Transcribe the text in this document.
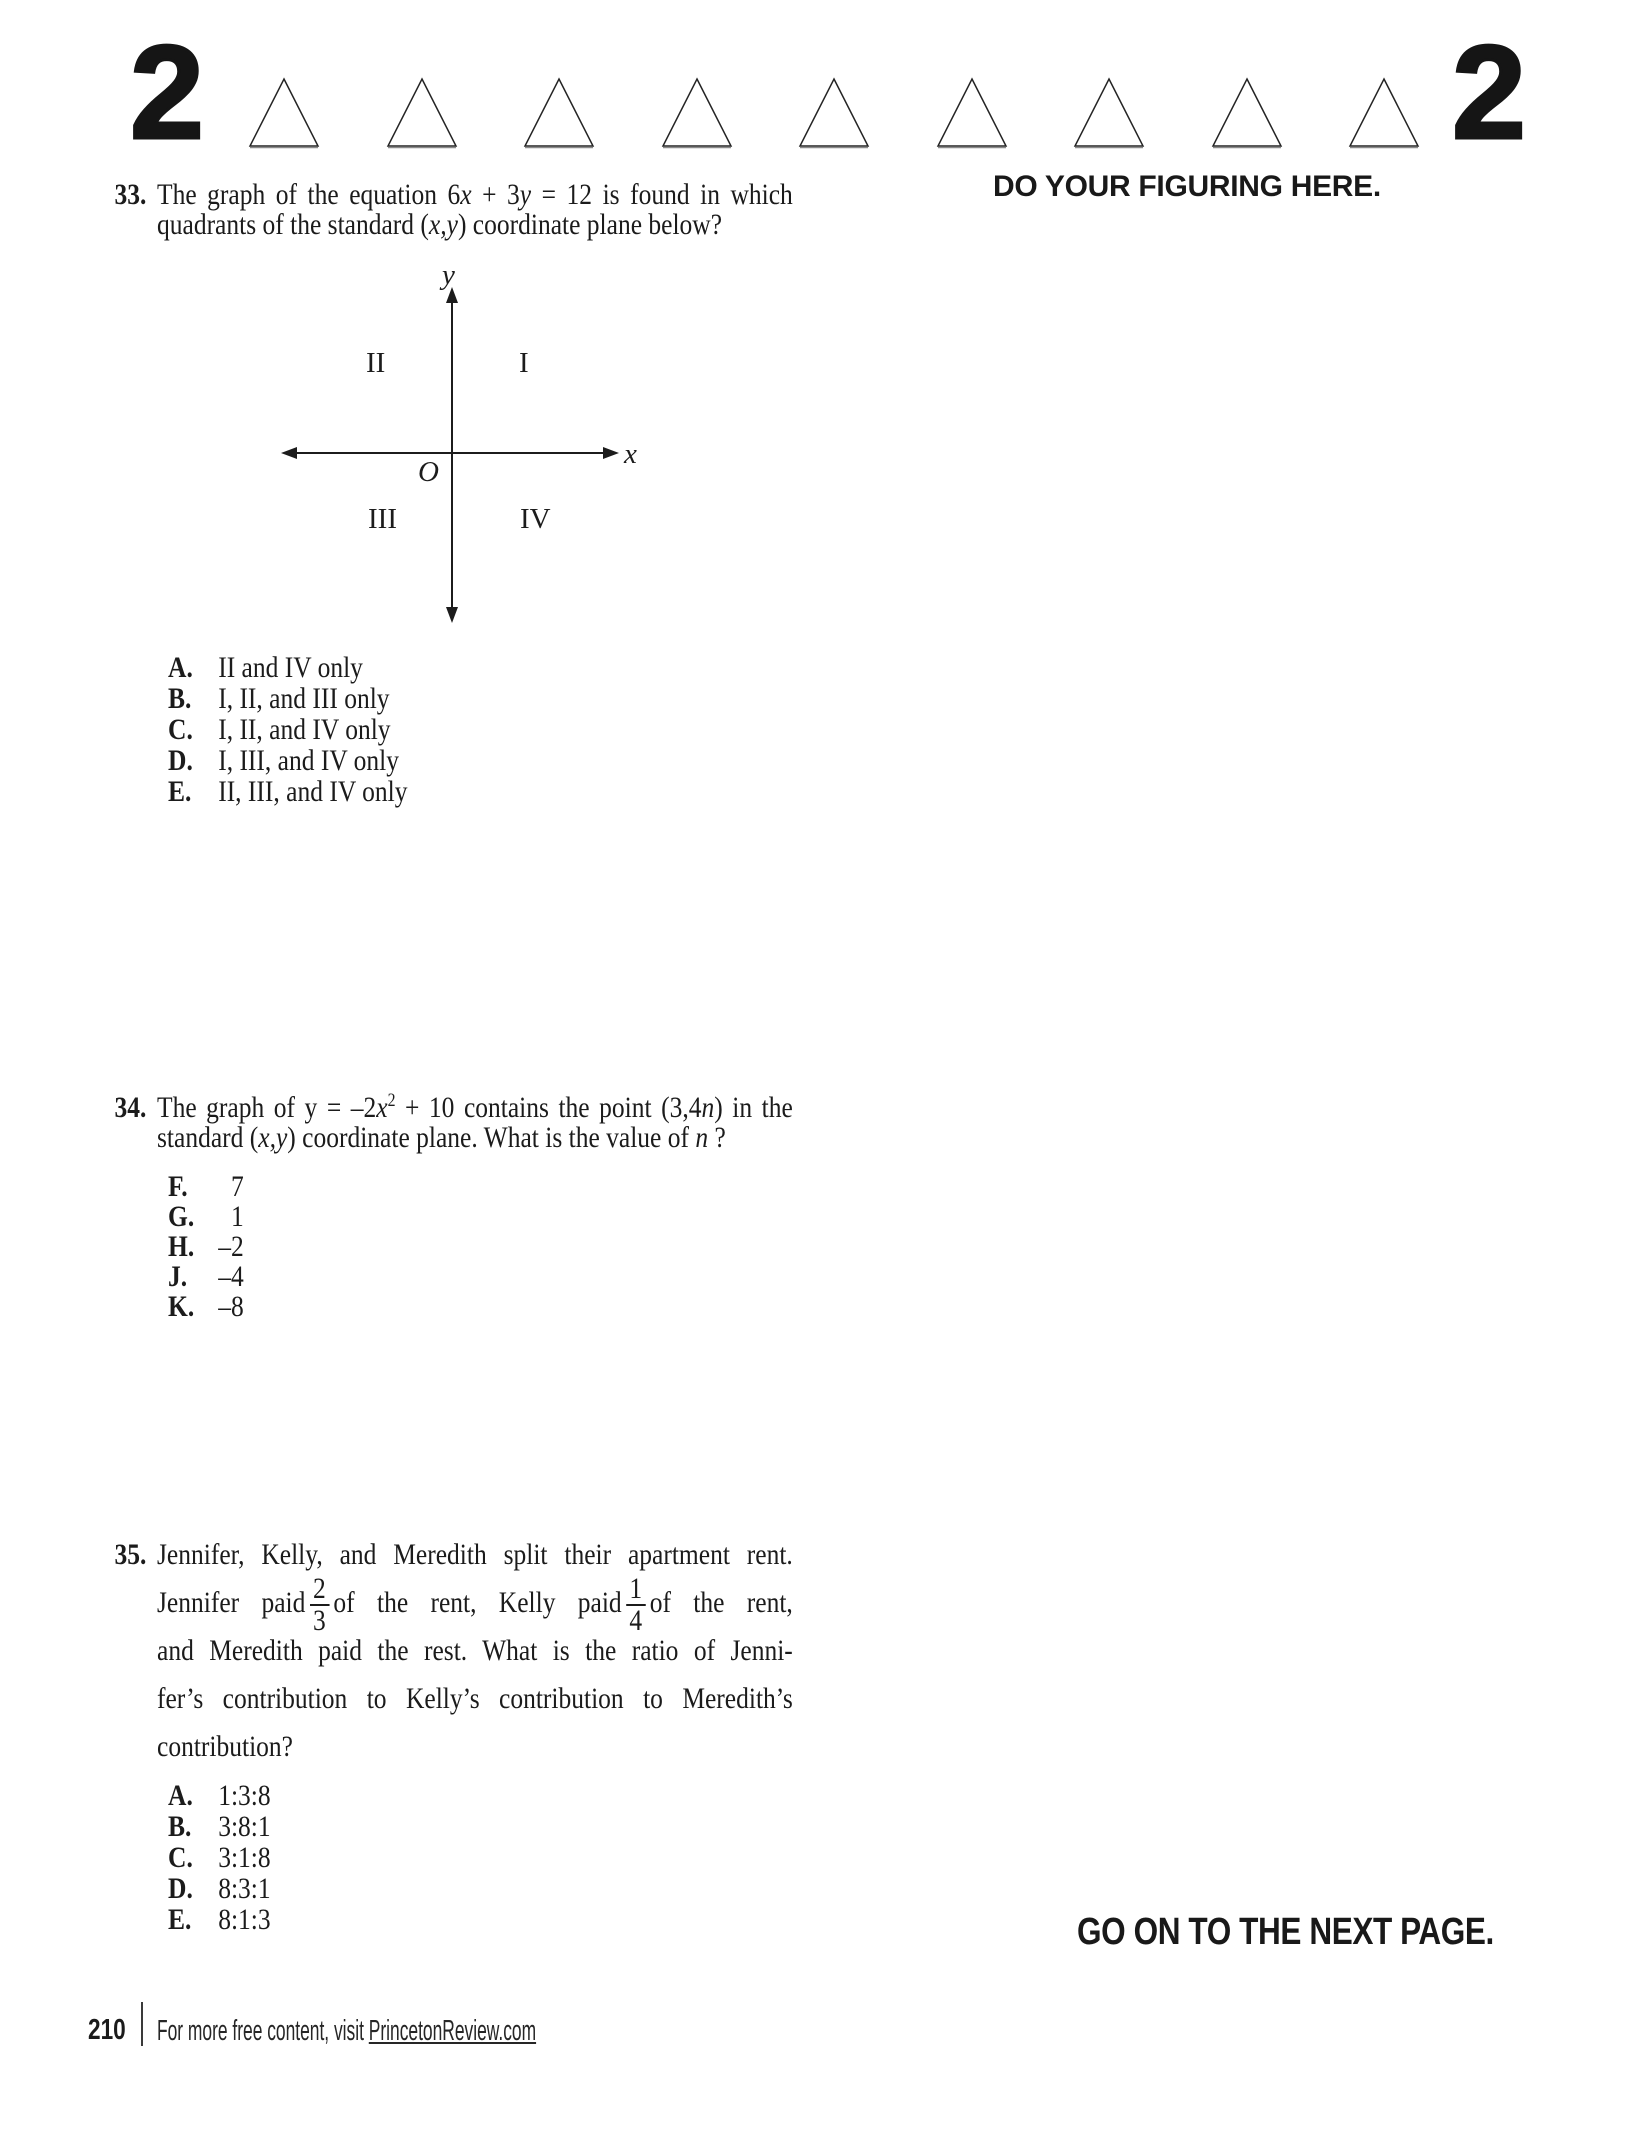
2	2
DO YOUR FIGURING HERE.
y
x
O
I
II
III	IV
33. The graph of the equation 6x + 3y = 12 is found in which
quadrants of the standard (x,y) coordinate plane below?
A. II and IV only
B. I, II, and III only
C. I, II, and IV only
D. I, III, and IV only
E. II, III, and IV only
34. The graph of $y = -2x^2 + 10$ contains the point (3,4n) in the
standard (x,y) coordinate plane. What is the value of n ?
F. 7
G. 1
H. –2
J. –4
K. –8
35. Jennifer, Kelly, and Meredith split their apartment rent.
Jennifer paid $\frac{2}{3}$ of the rent, Kelly paid $\frac{1}{4}$ of the rent,
and Meredith paid the rest. What is the ratio of Jenni-
fer’s contribution to Kelly’s contribution to Meredith’s
contribution?
A. 1:3:8
B. 3:8:1
C. 3:1:8
D. 8:3:1
E. 8:1:3	GO ON TO THE NEXT PAGE.
210 For more free content, visit PrincetonReview.com
